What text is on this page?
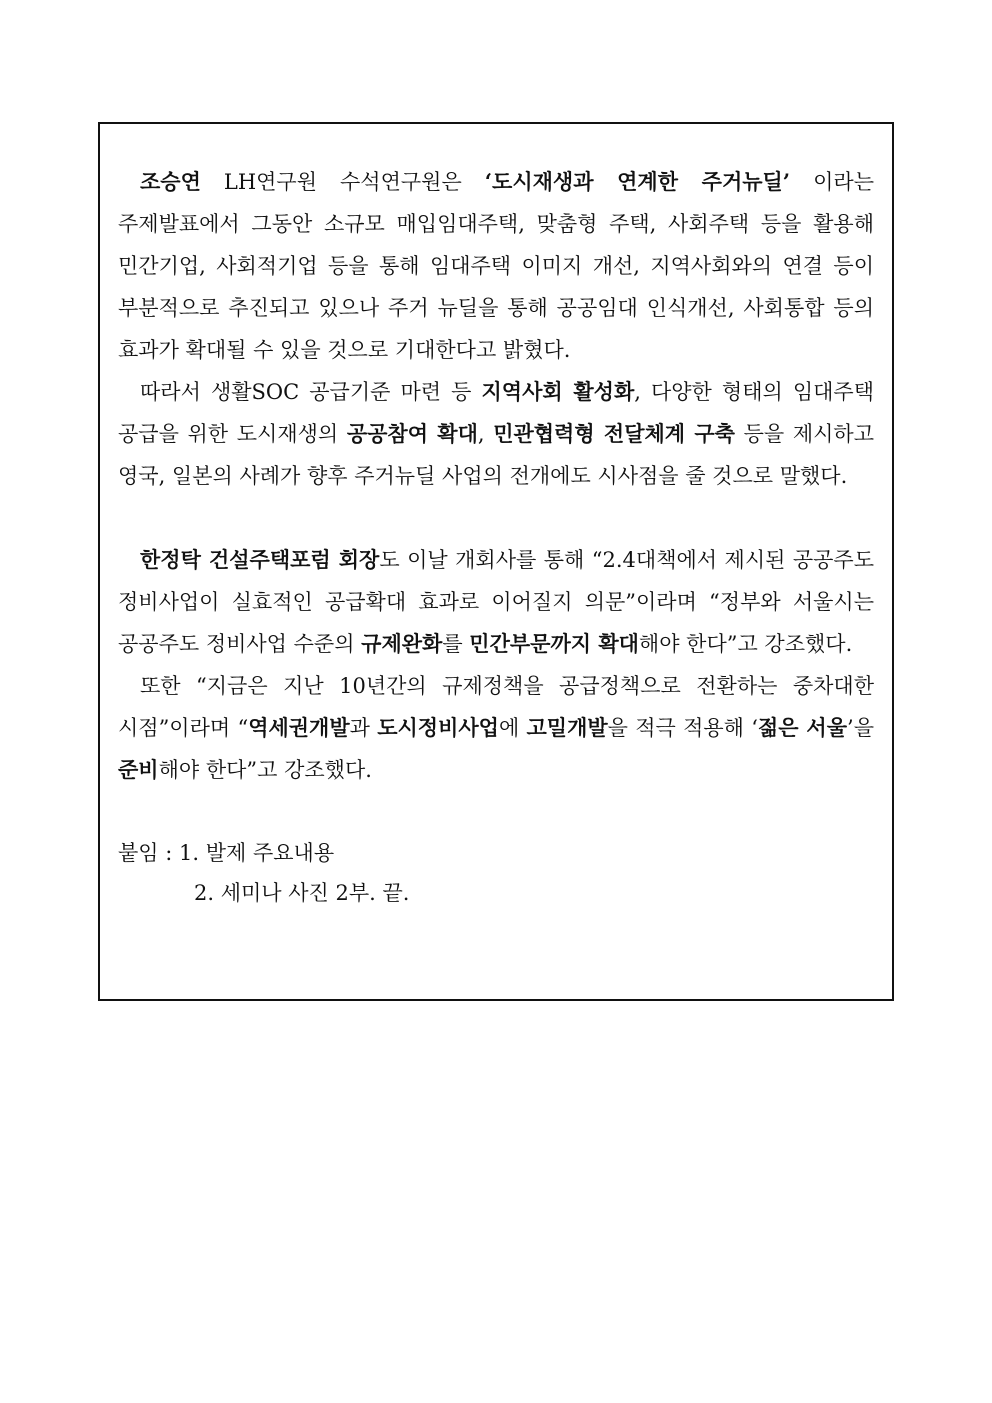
조승연 LH연구원 수석연구원은 ‘도시재생과 연계한 주거뉴딜’ 이라는 주제발표에서 그동안 소규모 매입임대주택, 맞춤형 주택, 사회주택 등을 활용해 민간기업, 사회적기업 등을 통해 임대주택 이미지 개선, 지역사회와의 연결 등이 부분적으로 추진되고 있으나 주거 뉴딜을 통해 공공임대 인식개선, 사회통합 등의 효과가 확대될 수 있을 것으로 기대한다고 밝혔다.

따라서 생활SOC 공급기준 마련 등 지역사회 활성화, 다양한 형태의 임대주택 공급을 위한 도시재생의 공공참여 확대, 민관협력형 전달체계 구축 등을 제시하고 영국, 일본의 사례가 향후 주거뉴딜 사업의 전개에도 시사점을 줄 것으로 말했다.

한정탁 건설주택포럼 회장도 이날 개회사를 통해 “2.4대책에서 제시된 공공주도 정비사업이 실효적인 공급확대 효과로 이어질지 의문”이라며 “정부와 서울시는 공공주도 정비사업 수준의 규제완화를 민간부문까지 확대해야 한다”고 강조했다.

또한 “지금은 지난 10년간의 규제정책을 공급정책으로 전환하는 중차대한 시점”이라며 “역세권개발과 도시정비사업에 고밀개발을 적극 적용해 ‘젊은 서울’을 준비해야 한다”고 강조했다.

붙임 : 1. 발제 주요내용

2. 세미나 사진 2부. 끝.
